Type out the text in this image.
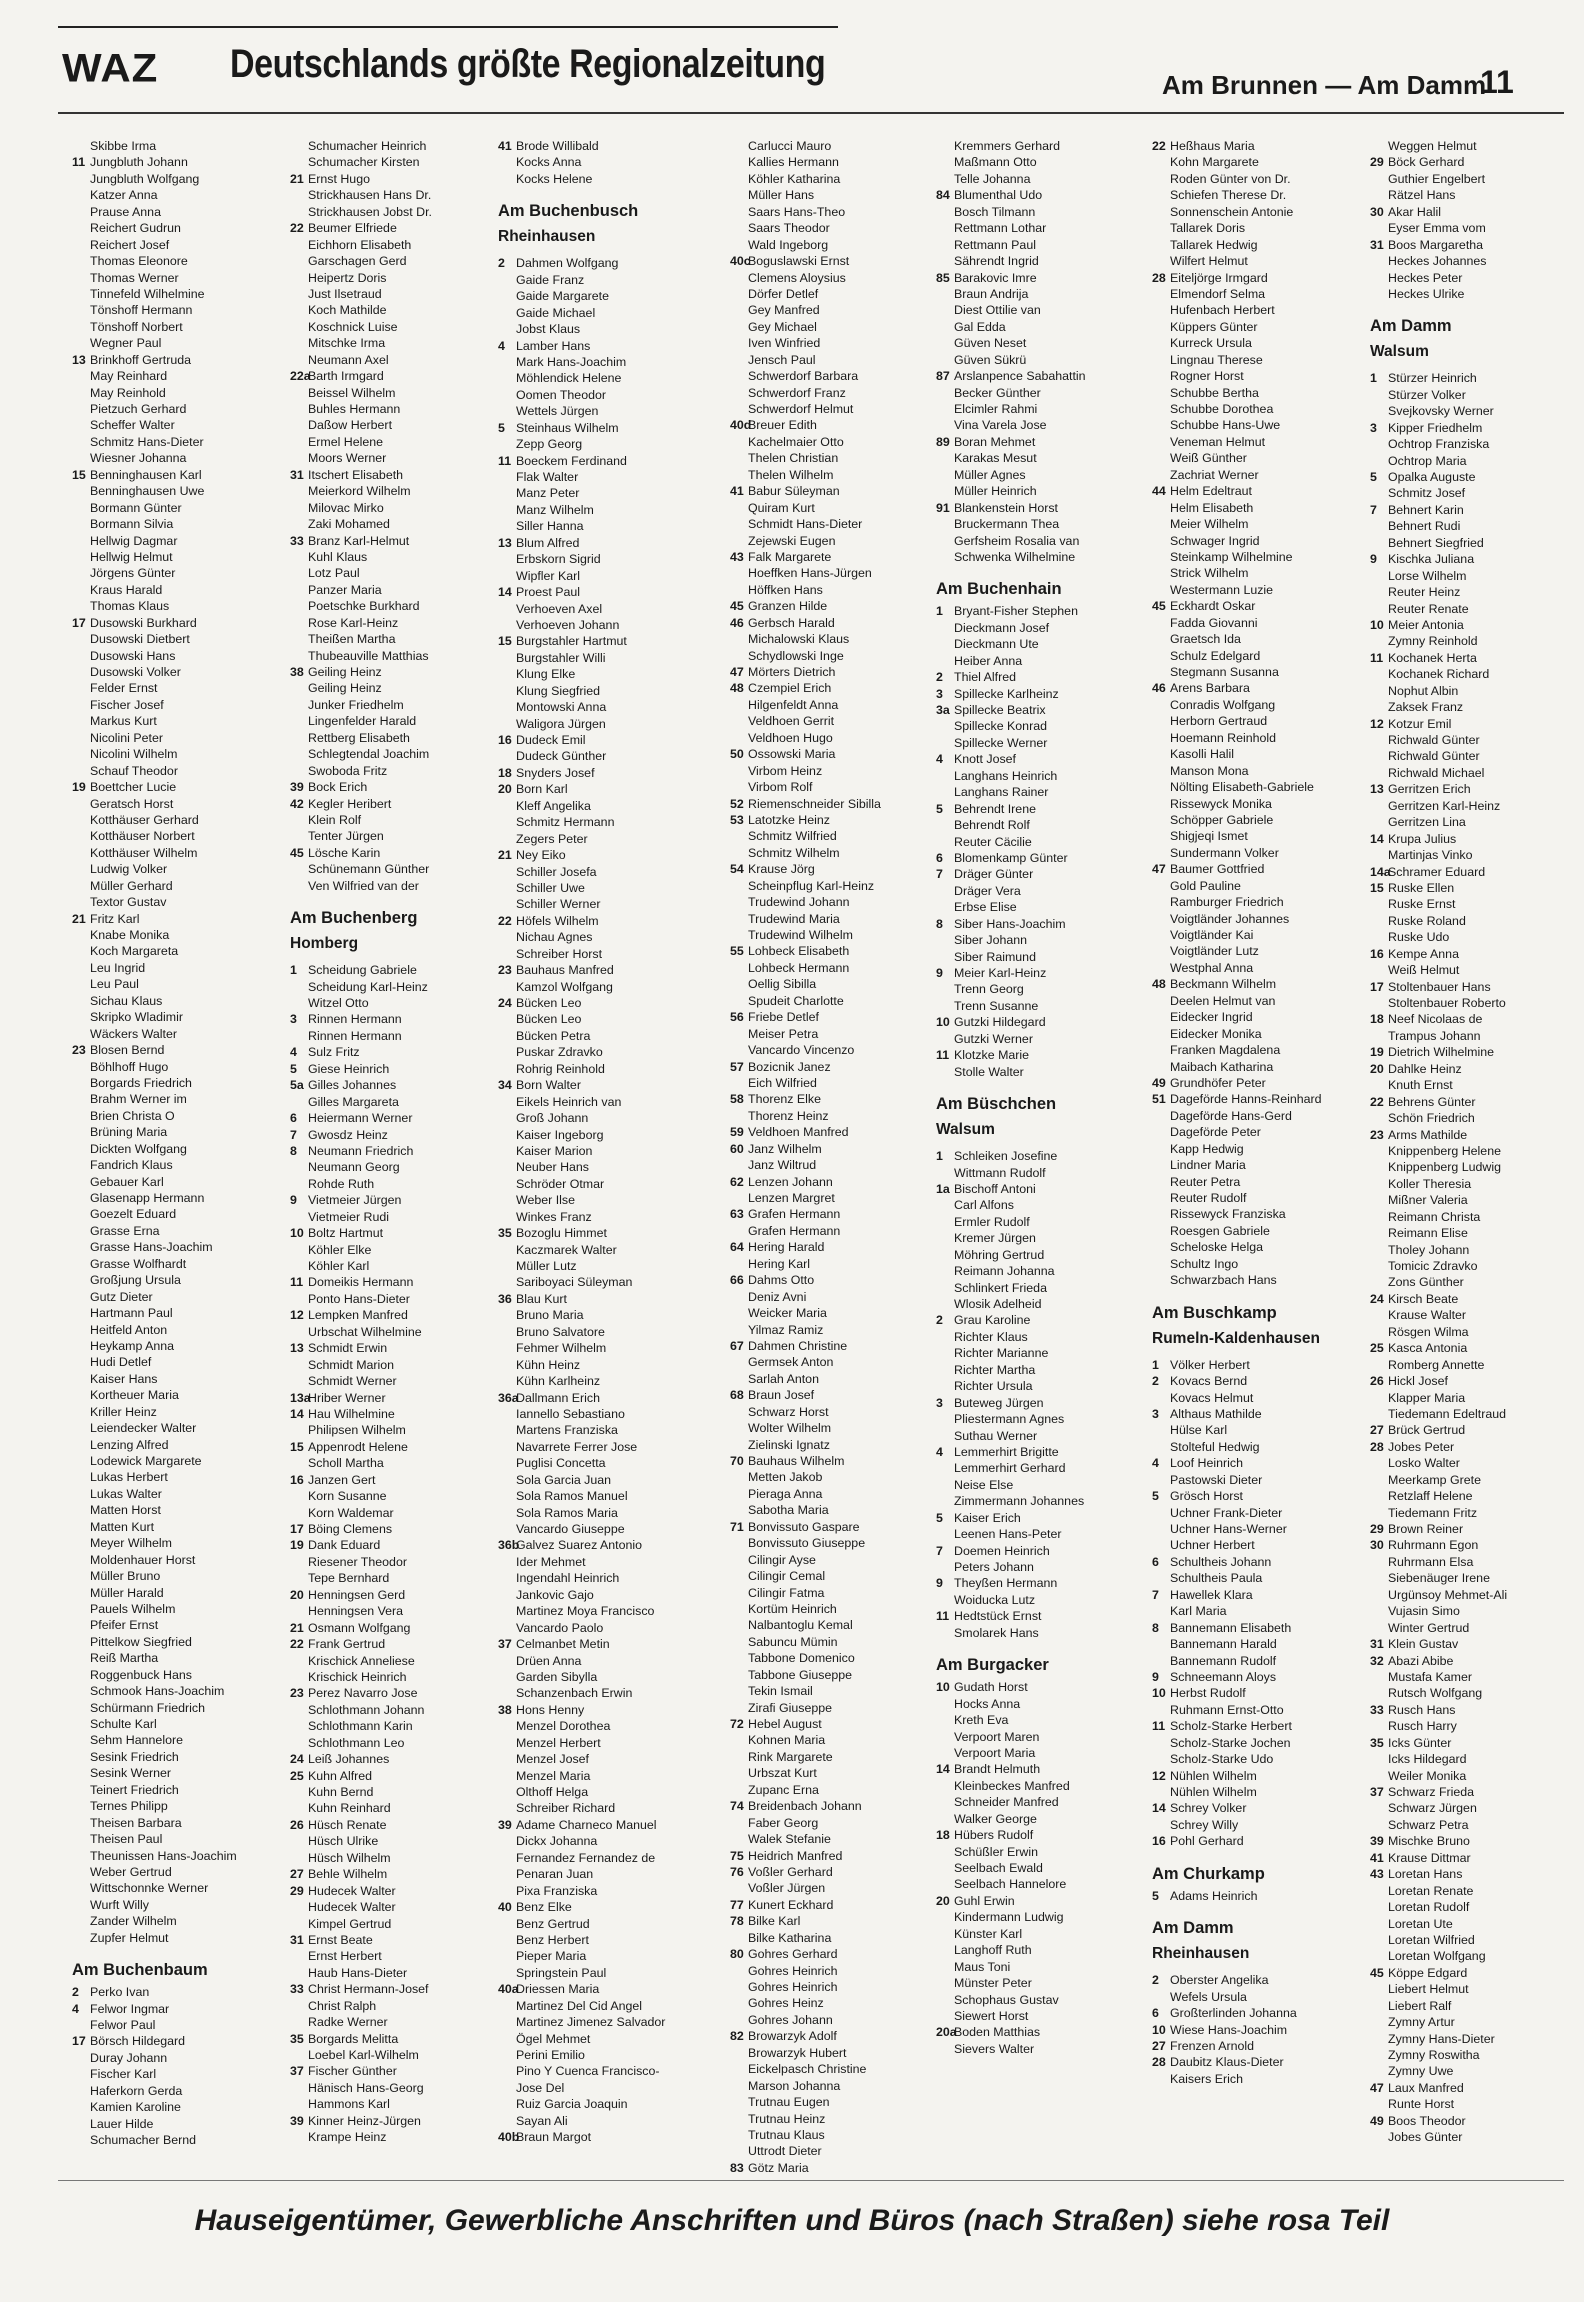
WAZ Deutschlands größte Regionalzeitung	Am Brunnen — Am Damm
11
Skibbe Irma
11 Jungbluth Johann
Jungbluth Wolfgang
Katzer Anna
Prause Anna
Reichert Gudrun
Reichert Josef
Thomas Eleonore
Thomas Werner
Tinnefeld Wilhelmine
Tönshoff Hermann
Tönshoff Norbert
Wegner Paul
13 Brinkhoff Gertruda
May Reinhard
May Reinhold
Pietzuch Gerhard
Scheffer Walter
Schmitz Hans-Dieter
Wiesner Johanna
15 Benninghausen Karl
Benninghausen Uwe
Bormann Günter
Bormann Silvia
Hellwig Dagmar
Hellwig Helmut
Jörgens Günter
Kraus Harald
Thomas Klaus
17 Dusowski Burkhard
Dusowski Dietbert
Dusowski Hans
Dusowski Volker
Felder Ernst
Fischer Josef
Markus Kurt
Nicolini Peter
Nicolini Wilhelm
Schauf Theodor
19 Boettcher Lucie
Geratsch Horst
Kotthäuser Gerhard
Kotthäuser Norbert
Kotthäuser Wilhelm
Ludwig Volker
Müller Gerhard
Textor Gustav
21 Fritz Karl
Knabe Monika
Koch Margareta
Leu Ingrid
Leu Paul
Sichau Klaus
Skripko Wladimir
Wäckers Walter
23 Blosen Bernd
Böhlhoff Hugo
Borgards Friedrich
Brahm Werner im
Brien Christa O
Brüning Maria
Dickten Wolfgang
Fandrich Klaus
Gebauer Karl
Glasenapp Hermann
Goezelt Eduard
Grasse Erna
Grasse Hans-Joachim
Grasse Wolfhardt
Großjung Ursula
Gutz Dieter
Hartmann Paul
Heitfeld Anton
Heykamp Anna
Hudi Detlef
Kaiser Hans
Kortheuer Maria
Kriller Heinz
Leiendecker Walter
Lenzing Alfred
Lodewick Margarete
Lukas Herbert
Lukas Walter
Matten Horst
Matten Kurt
Meyer Wilhelm
Moldenhauer Horst
Müller Bruno
Müller Harald
Pauels Wilhelm
Pfeifer Ernst
Pittelkow Siegfried
Reiß Martha
Roggenbuck Hans
Schmook Hans-Joachim
Schürmann Friedrich
Schulte Karl
Sehm Hannelore
Sesink Friedrich
Sesink Werner
Teinert Friedrich
Ternes Philipp
Theisen Barbara
Theisen Paul
Theunissen Hans-Joachim
Weber Gertrud
Wittschonnke Werner
Wurft Willy
Zander Wilhelm
Zupfer Helmut
Am Buchenbaum
2 Perko Ivan
4 Felwor Ingmar
Felwor Paul
17 Börsch Hildegard
Duray Johann
Fischer Karl
Haferkorn Gerda
Kamien Karoline
Lauer Hilde
Schumacher Bernd
Schumacher Heinrich
Schumacher Kirsten
21 Ernst Hugo
Strickhausen Hans Dr.
Strickhausen Jobst Dr.
22 Beumer Elfriede
Eichhorn Elisabeth
Garschagen Gerd
Heipertz Doris
Just Ilsetraud
Koch Mathilde
Koschnick Luise
Mitschke Irma
Neumann Axel
22aBarth Irmgard
Beissel Wilhelm
Buhles Hermann
Daßow Herbert
Ermel Helene
Moors Werner
31 Itschert Elisabeth
Meierkord Wilhelm
Milovac Mirko
Zaki Mohamed
33 Branz Karl-Helmut
Kuhl Klaus
Lotz Paul
Panzer Maria
Poetschke Burkhard
Rose Karl-Heinz
Theißen Martha
Thubeauville Matthias
38 Geiling Heinz
Geiling Heinz
Junker Friedhelm
Lingenfelder Harald
Rettberg Elisabeth
Schlegtendal Joachim
Swoboda Fritz
39 Bock Erich
42 Kegler Heribert
Klein Rolf
Tenter Jürgen
45 Lösche Karin
Schünemann Günther
Ven Wilfried van der
Am Buchenberg
Homberg
1 Scheidung Gabriele
Scheidung Karl-Heinz
Witzel Otto
3 Rinnen Hermann
Rinnen Hermann
4 Sulz Fritz
5 Giese Heinrich
5a Gilles Johannes
Gilles Margareta
6 Heiermann Werner
7 Gwosdz Heinz
8 Neumann Friedrich
Neumann Georg
Rohde Ruth
9 Vietmeier Jürgen
Vietmeier Rudi
10 Boltz Hartmut
Köhler Elke
Köhler Karl
11 Domeikis Hermann
Ponto Hans-Dieter
12 Lempken Manfred
Urbschat Wilhelmine
13 Schmidt Erwin
Schmidt Marion
Schmidt Werner
13aHriber Werner
14 Hau Wilhelmine
Philipsen Wilhelm
15 Appenrodt Helene
Scholl Martha
16 Janzen Gert
Korn Susanne
Korn Waldemar
17 Böing Clemens
19 Dank Eduard
Riesener Theodor
Tepe Bernhard
20 Henningsen Gerd
Henningsen Vera
21 Osmann Wolfgang
22 Frank Gertrud
Krischick Anneliese
Krischick Heinrich
23 Perez Navarro Jose
Schlothmann Johann
Schlothmann Karin
Schlothmann Leo
24 Leiß Johannes
25 Kuhn Alfred
Kuhn Bernd
Kuhn Reinhard
26 Hüsch Renate
Hüsch Ulrike
Hüsch Wilhelm
27 Behle Wilhelm
29 Hudecek Walter
Hudecek Walter
Kimpel Gertrud
31 Ernst Beate
Ernst Herbert
Haub Hans-Dieter
33 Christ Hermann-Josef
Christ Ralph
Radke Werner
35 Borgards Melitta
Loebel Karl-Wilhelm
37 Fischer Günther
Hänisch Hans-Georg
Hammons Karl
39 Kinner Heinz-Jürgen
Krampe Heinz
41 Brode Willibald
Kocks Anna
Kocks Helene
Am Buchenbusch
Rheinhausen
2 Dahmen Wolfgang
Gaide Franz
Gaide Margarete
Gaide Michael
Jobst Klaus
4 Lamber Hans
Mark Hans-Joachim
Möhlendick Helene
Oomen Theodor
Wettels Jürgen
5 Steinhaus Wilhelm
Zepp Georg
11 Boeckem Ferdinand
Flak Walter
Manz Peter
Manz Wilhelm
Siller Hanna
13 Blum Alfred
Erbskorn Sigrid
Wipfler Karl
14 Proest Paul
Verhoeven Axel
Verhoeven Johann
15 Burgstahler Hartmut
Burgstahler Willi
Klung Elke
Klung Siegfried
Montowski Anna
Waligora Jürgen
16 Dudeck Emil
Dudeck Günther
18 Snyders Josef
20 Born Karl
Kleff Angelika
Schmitz Hermann
Zegers Peter
21 Ney Eiko
Schiller Josefa
Schiller Uwe
Schiller Werner
22 Höfels Wilhelm
Nichau Agnes
Schreiber Horst
23 Bauhaus Manfred
Kamzol Wolfgang
24 Bücken Leo
Bücken Leo
Bücken Petra
Puskar Zdravko
Rohrig Reinhold
34 Born Walter
Eikels Heinrich van
Groß Johann
Kaiser Ingeborg
Kaiser Marion
Neuber Hans
Schröder Otmar
Weber Ilse
Winkes Franz
35 Bozoglu Himmet
Kaczmarek Walter
Müller Lutz
Sariboyaci Süleyman
36 Blau Kurt
Bruno Maria
Bruno Salvatore
Fehmer Wilhelm
Kühn Heinz
Kühn Karlheinz
36aDallmann Erich
Iannello Sebastiano
Martens Franziska
Navarrete Ferrer Jose
Puglisi Concetta
Sola Garcia Juan
Sola Ramos Manuel
Sola Ramos Maria
Vancardo Giuseppe
36bGalvez Suarez Antonio
Ider Mehmet
Ingendahl Heinrich
Jankovic Gajo
Martinez Moya Francisco
Vancardo Paolo
37 Celmanbet Metin
Drüen Anna
Garden Sibylla
Schanzenbach Erwin
38 Hons Henny
Menzel Dorothea
Menzel Herbert
Menzel Josef
Menzel Maria
Olthoff Helga
Schreiber Richard
39 Adame Charneco Manuel
Dickx Johanna
Fernandez Fernandez de
Penaran Juan
Pixa Franziska
40 Benz Elke
Benz Gertrud
Benz Herbert
Pieper Maria
Springstein Paul
40aDriessen Maria
Martinez Del Cid Angel
Martinez Jimenez Salvador
Ögel Mehmet
Perini Emilio
Pino Y Cuenca Francisco-
Jose Del
Ruiz Garcia Joaquin
Sayan Ali
40bBraun Margot
Carlucci Mauro
Kallies Hermann
Köhler Katharina
Müller Hans
Saars Hans-Theo
Saars Theodor
Wald Ingeborg
40cBoguslawski Ernst
Clemens Aloysius
Dörfer Detlef
Gey Manfred
Gey Michael
Iven Winfried
Jensch Paul
Schwerdorf Barbara
Schwerdorf Franz
Schwerdorf Helmut
40dBreuer Edith
Kachelmaier Otto
Thelen Christian
Thelen Wilhelm
41 Babur Süleyman
Quiram Kurt
Schmidt Hans-Dieter
Zejewski Eugen
43 Falk Margarete
Hoeffken Hans-Jürgen
Höffken Hans
45 Granzen Hilde
46 Gerbsch Harald
Michalowski Klaus
Schydlowski Inge
47 Mörters Dietrich
48 Czempiel Erich
Hilgenfeldt Anna
Veldhoen Gerrit
Veldhoen Hugo
50 Ossowski Maria
Virbom Heinz
Virbom Rolf
52 Riemenschneider Sibilla
53 Latotzke Heinz
Schmitz Wilfried
Schmitz Wilhelm
54 Krause Jörg
Scheinpflug Karl-Heinz
Trudewind Johann
Trudewind Maria
Trudewind Wilhelm
55 Lohbeck Elisabeth
Lohbeck Hermann
Oellig Sibilla
Spudeit Charlotte
56 Friebe Detlef
Meiser Petra
Vancardo Vincenzo
57 Bozicnik Janez
Eich Wilfried
58 Thorenz Elke
Thorenz Heinz
59 Veldhoen Manfred
60 Janz Wilhelm
Janz Wiltrud
62 Lenzen Johann
Lenzen Margret
63 Grafen Hermann
Grafen Hermann
64 Hering Harald
Hering Karl
66 Dahms Otto
Deniz Avni
Weicker Maria
Yilmaz Ramiz
67 Dahmen Christine
Germsek Anton
Sarlah Anton
68 Braun Josef
Schwarz Horst
Wolter Wilhelm
Zielinski Ignatz
70 Bauhaus Wilhelm
Metten Jakob
Pieraga Anna
Sabotha Maria
71 Bonvissuto Gaspare
Bonvissuto Giuseppe
Cilingir Ayse
Cilingir Cemal
Cilingir Fatma
Kortüm Heinrich
Nalbantoglu Kemal
Sabuncu Mümin
Tabbone Domenico
Tabbone Giuseppe
Tekin Ismail
Zirafi Giuseppe
72 Hebel August
Kohnen Maria
Rink Margarete
Urbszat Kurt
Zupanc Erna
74 Breidenbach Johann
Faber Georg
Walek Stefanie
75 Heidrich Manfred
76 Voßler Gerhard
Voßler Jürgen
77 Kunert Eckhard
78 Bilke Karl
Bilke Katharina
80 Gohres Gerhard
Gohres Heinrich
Gohres Heinrich
Gohres Heinz
Gohres Johann
82 Browarzyk Adolf
Browarzyk Hubert
Eickelpasch Christine
Marson Johanna
Trutnau Eugen
Trutnau Heinz
Trutnau Klaus
Uttrodt Dieter
83 Götz Maria
Kremmers Gerhard
Maßmann Otto
Telle Johanna
84 Blumenthal Udo
Bosch Tilmann
Rettmann Lothar
Rettmann Paul
Sährendt Ingrid
85 Barakovic Imre
Braun Andrija
Diest Ottilie van
Gal Edda
Güven Neset
Güven Sükrü
87 Arslanpence Sabahattin
Becker Günther
Elcimler Rahmi
Vina Varela Jose
89 Boran Mehmet
Karakas Mesut
Müller Agnes
Müller Heinrich
91 Blankenstein Horst
Bruckermann Thea
Gerfsheim Rosalia van
Schwenka Wilhelmine
Am Buchenhain
1 Bryant-Fisher Stephen
Dieckmann Josef
Dieckmann Ute
Heiber Anna
2 Thiel Alfred
3 Spillecke Karlheinz
3a Spillecke Beatrix
Spillecke Konrad
Spillecke Werner
4 Knott Josef
Langhans Heinrich
Langhans Rainer
5 Behrendt Irene
Behrendt Rolf
Reuter Cäcilie
6 Blomenkamp Günter
7 Dräger Günter
Dräger Vera
Erbse Elise
8 Siber Hans-Joachim
Siber Johann
Siber Raimund
9 Meier Karl-Heinz
Trenn Georg
Trenn Susanne
10 Gutzki Hildegard
Gutzki Werner
11 Klotzke Marie
Stolle Walter
Am Büschchen
Walsum
1 Schleiken Josefine
Wittmann Rudolf
1a Bischoff Antoni
Carl Alfons
Ermler Rudolf
Kremer Jürgen
Möhring Gertrud
Reimann Johanna
Schlinkert Frieda
Wlosik Adelheid
2 Grau Karoline
Richter Klaus
Richter Marianne
Richter Martha
Richter Ursula
3 Buteweg Jürgen
Pliestermann Agnes
Suthau Werner
4 Lemmerhirt Brigitte
Lemmerhirt Gerhard
Neise Else
Zimmermann Johannes
5 Kaiser Erich
Leenen Hans-Peter
7 Doemen Heinrich
Peters Johann
9 Theyßen Hermann
Woiducka Lutz
11 Hedtstück Ernst
Smolarek Hans
Am Burgacker
10 Gudath Horst
Hocks Anna
Kreth Eva
Verpoort Maren
Verpoort Maria
14 Brandt Helmuth
Kleinbeckes Manfred
Schneider Manfred
Walker George
18 Hübers Rudolf
Schüßler Erwin
Seelbach Ewald
Seelbach Hannelore
20 Guhl Erwin
Kindermann Ludwig
Künster Karl
Langhoff Ruth
Maus Toni
Münster Peter
Schophaus Gustav
Siewert Horst
20aBoden Matthias
Sievers Walter
22 Heßhaus Maria
Kohn Margarete
Roden Günter von Dr.
Schiefen Therese Dr.
Sonnenschein Antonie
Tallarek Doris
Tallarek Hedwig
Wilfert Helmut
28 Eiteljörge Irmgard
Elmendorf Selma
Hufenbach Herbert
Küppers Günter
Kurreck Ursula
Lingnau Therese
Rogner Horst
Schubbe Bertha
Schubbe Dorothea
Schubbe Hans-Uwe
Veneman Helmut
Weiß Günther
Zachriat Werner
44 Helm Edeltraut
Helm Elisabeth
Meier Wilhelm
Schwager Ingrid
Steinkamp Wilhelmine
Strick Wilhelm
Westermann Luzie
45 Eckhardt Oskar
Fadda Giovanni
Graetsch Ida
Schulz Edelgard
Stegmann Susanna
46 Arens Barbara
Conradis Wolfgang
Herborn Gertraud
Hoemann Reinhold
Kasolli Halil
Manson Mona
Nölting Elisabeth-Gabriele
Rissewyck Monika
Schöpper Gabriele
Shigjeqi Ismet
Sundermann Volker
47 Baumer Gottfried
Gold Pauline
Ramburger Friedrich
Voigtländer Johannes
Voigtländer Kai
Voigtländer Lutz
Westphal Anna
48 Beckmann Wilhelm
Deelen Helmut van
Eidecker Ingrid
Eidecker Monika
Franken Magdalena
Maibach Katharina
49 Grundhöfer Peter
51 Dageförde Hanns-Reinhard
Dageförde Hans-Gerd
Dageförde Peter
Kapp Hedwig
Lindner Maria
Reuter Petra
Reuter Rudolf
Rissewyck Franziska
Roesgen Gabriele
Scheloske Helga
Schultz Ingo
Schwarzbach Hans
Am Buschkamp
Rumeln-Kaldenhausen
1 Völker Herbert
2 Kovacs Bernd
Kovacs Helmut
3 Althaus Mathilde
Hülse Karl
Stolteful Hedwig
4 Loof Heinrich
Pastowski Dieter
5 Grösch Horst
Uchner Frank-Dieter
Uchner Hans-Werner
Uchner Herbert
6 Schultheis Johann
Schultheis Paula
7 Hawellek Klara
Karl Maria
8 Bannemann Elisabeth
Bannemann Harald
Bannemann Rudolf
9 Schneemann Aloys
10 Herbst Rudolf
Ruhmann Ernst-Otto
11 Scholz-Starke Herbert
Scholz-Starke Jochen
Scholz-Starke Udo
12 Nühlen Wilhelm
Nühlen Wilhelm
14 Schrey Volker
Schrey Willy
16 Pohl Gerhard
Am Churkamp
5 Adams Heinrich
Am Damm
Rheinhausen
2 Oberster Angelika
Wefels Ursula
6 Großterlinden Johanna
10 Wiese Hans-Joachim
27 Frenzen Arnold
28 Daubitz Klaus-Dieter
Kaisers Erich
Weggen Helmut
29 Böck Gerhard
Guthier Engelbert
Rätzel Hans
30 Akar Halil
Eyser Emma vom
31 Boos Margaretha
Heckes Johannes
Heckes Peter
Heckes Ulrike
Am Damm
Walsum
1 Stürzer Heinrich
Stürzer Volker
Svejkovsky Werner
3 Kipper Friedhelm
Ochtrop Franziska
Ochtrop Maria
5 Opalka Auguste
Schmitz Josef
7 Behnert Karin
Behnert Rudi
Behnert Siegfried
9 Kischka Juliana
Lorse Wilhelm
Reuter Heinz
Reuter Renate
10 Meier Antonia
Zymny Reinhold
11 Kochanek Herta
Kochanek Richard
Nophut Albin
Zaksek Franz
12 Kotzur Emil
Richwald Günter
Richwald Günter
Richwald Michael
13 Gerritzen Erich
Gerritzen Karl-Heinz
Gerritzen Lina
14 Krupa Julius
Martinjas Vinko
14aSchramer Eduard
15 Ruske Ellen
Ruske Ernst
Ruske Roland
Ruske Udo
16 Kempe Anna
Weiß Helmut
17 Stoltenbauer Hans
Stoltenbauer Roberto
18 Neef Nicolaas de
Trampus Johann
19 Dietrich Wilhelmine
20 Dahlke Heinz
Knuth Ernst
22 Behrens Günter
Schön Friedrich
23 Arms Mathilde
Knippenberg Helene
Knippenberg Ludwig
Koller Theresia
Mißner Valeria
Reimann Christa
Reimann Elise
Tholey Johann
Tomicic Zdravko
Zons Günther
24 Kirsch Beate
Krause Walter
Rösgen Wilma
25 Kasca Antonia
Romberg Annette
26 Hickl Josef
Klapper Maria
Tiedemann Edeltraud
27 Brück Gertrud
28 Jobes Peter
Losko Walter
Meerkamp Grete
Retzlaff Helene
Tiedemann Fritz
29 Brown Reiner
30 Ruhrmann Egon
Ruhrmann Elsa
Siebenäuger Irene
Urgünsoy Mehmet-Ali
Vujasin Simo
Winter Gertrud
31 Klein Gustav
32 Abazi Abibe
Mustafa Kamer
Rutsch Wolfgang
33 Rusch Hans
Rusch Harry
35 Icks Günter
Icks Hildegard
Weiler Monika
37 Schwarz Frieda
Schwarz Jürgen
Schwarz Petra
39 Mischke Bruno
41 Krause Dittmar
43 Loretan Hans
Loretan Renate
Loretan Rudolf
Loretan Ute
Loretan Wilfried
Loretan Wolfgang
45 Köppe Edgard
Liebert Helmut
Liebert Ralf
Zymny Artur
Zymny Hans-Dieter
Zymny Roswitha
Zymny Uwe
47 Laux Manfred
Runte Horst
49 Boos Theodor
Jobes Günter
Hauseigentümer, Gewerbliche Anschriften und Büros (nach Straßen) siehe rosa Teil
